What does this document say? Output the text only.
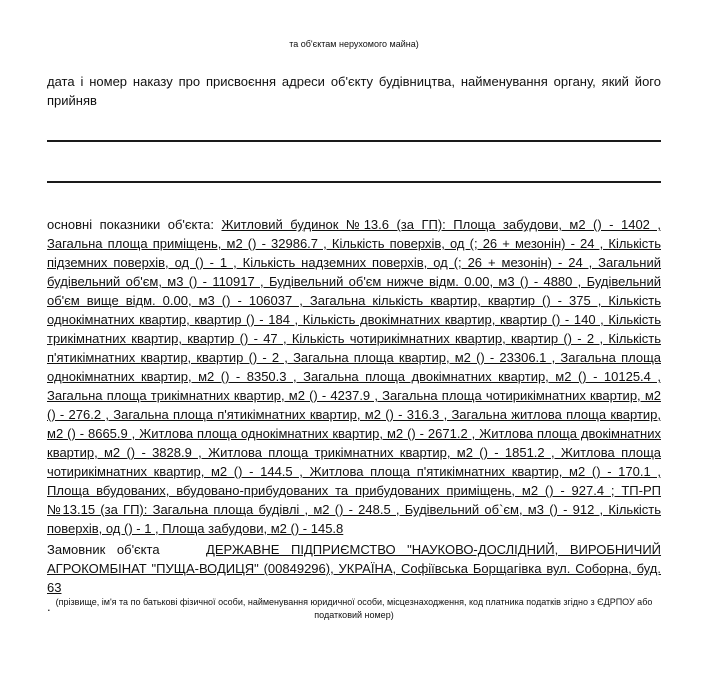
та об'єктам нерухомого майна)
дата і номер наказу про присвоєння адреси об'єкту будівництва, найменування органу, який його прийняв
основні показники об'єкта: Житловий будинок №13.6 (за ГП): Площа забудови, м2 () - 1402 , Загальна площа приміщень, м2 () - 32986.7 , Кількість поверхів, од (; 26 + мезонін) - 24 , Кількість підземних поверхів, од () - 1 , Кількість надземних поверхів, од (; 26 + мезонін) - 24 , Загальний будівельний об'єм, м3 () - 110917 , Будівельний об'єм нижче відм. 0.00, м3 () - 4880 , Будівельний об'єм вище відм. 0.00, м3 () - 106037 , Загальна кількість квартир, квартир () - 375 , Кількість однокімнатних квартир, квартир () - 184 , Кількість двокімнатних квартир, квартир () - 140 , Кількість трикімнатних квартир, квартир () - 47 , Кількість чотирикімнатних квартир, квартир () - 2 , Кількість п'ятикімнатних квартир, квартир () - 2 , Загальна площа квартир, м2 () - 23306.1 , Загальна площа однокімнатних квартир, м2 () - 8350.3 , Загальна площа двокімнатних квартир, м2 () - 10125.4 , Загальна площа трикімнатних квартир, м2 () - 4237.9 , Загальна площа чотирикімнатних квартир, м2 () - 276.2 , Загальна площа п'ятикімнатних квартир, м2 () - 316.3 , Загальна житлова площа квартир, м2 () - 8665.9 , Житлова площа однокімнатних квартир, м2 () - 2671.2 , Житлова площа двокімнатних квартир, м2 () - 3828.9 , Житлова площа трикімнатних квартир, м2 () - 1851.2 , Житлова площа чотирикімнатних квартир, м2 () - 144.5 , Житлова площа п'ятикімнатних квартир, м2 () - 170.1 , Площа вбудованих, вбудовано-прибудованих та прибудованих приміщень, м2 () - 927.4 ; ТП-РП №13.15 (за ГП): Загальна площа будівлі , м2 () - 248.5 , Будівельний об`єм, м3 () - 912 , Кількість поверхів, од () - 1 , Площа забудови, м2 () - 145.8
Замовник об'єкта	ДЕРЖАВНЕ ПІДПРИЄМСТВО "НАУКОВО-ДОСЛІДНИЙ, ВИРОБНИЧИЙ АГРОКОМБІНАТ "ПУЩА-ВОДИЦЯ" (00849296), УКРАЇНА, Софіївська Борщагівка вул. Соборна, буд. 63
. (прізвище, ім'я та по батькові фізичної особи, найменування юридичної особи, місцезнаходження, код платника податків згідно з ЄДРПОУ або податковий номер)
